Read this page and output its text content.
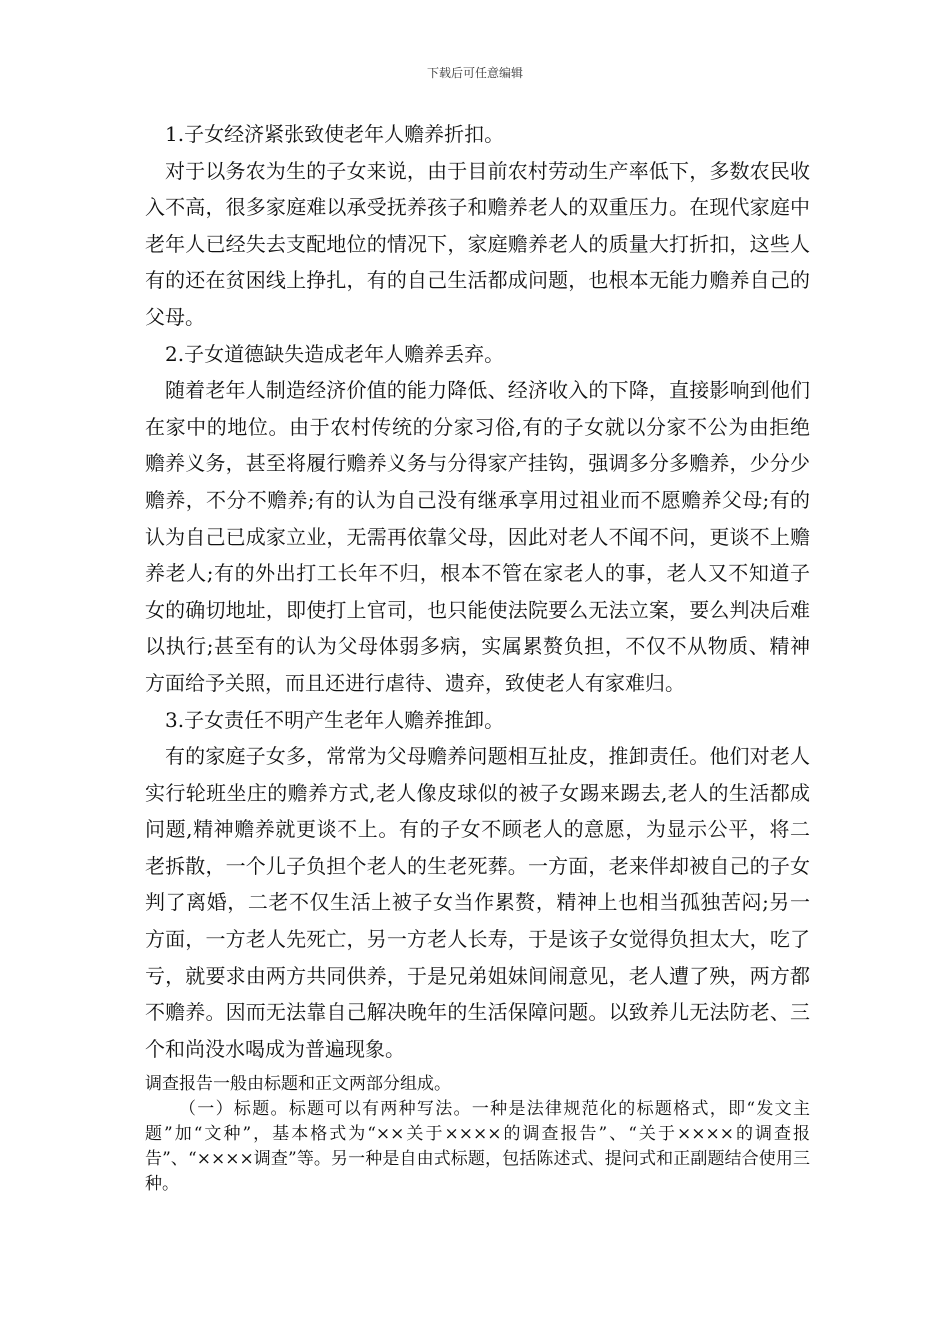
下载后可任意编辑

1.子女经济紧张致使老年人赡养折扣。

对于以务农为生的子女来说，由于目前农村劳动生产率低下，多数农民收入不高，很多家庭难以承受抚养孩子和赡养老人的双重压力。在现代家庭中老年人已经失去支配地位的情况下，家庭赡养老人的质量大打折扣，这些人有的还在贫困线上挣扎，有的自己生活都成问题，也根本无能力赡养自己的父母。

2.子女道德缺失造成老年人赡养丢弃。

随着老年人制造经济价值的能力降低、经济收入的下降，直接影响到他们在家中的地位。由于农村传统的分家习俗,有的子女就以分家不公为由拒绝赡养义务，甚至将履行赡养义务与分得家产挂钩，强调多分多赡养，少分少赡养，不分不赡养;有的认为自己没有继承享用过祖业而不愿赡养父母;有的认为自己已成家立业，无需再依靠父母，因此对老人不闻不问，更谈不上赡养老人;有的外出打工长年不归，根本不管在家老人的事，老人又不知道子女的确切地址，即使打上官司，也只能使法院要么无法立案，要么判决后难以执行;甚至有的认为父母体弱多病，实属累赘负担，不仅不从物质、精神方面给予关照，而且还进行虐待、遗弃，致使老人有家难归。

3.子女责任不明产生老年人赡养推卸。

有的家庭子女多，常常为父母赡养问题相互扯皮，推卸责任。他们对老人实行轮班坐庄的赡养方式,老人像皮球似的被子女踢来踢去,老人的生活都成问题,精神赡养就更谈不上。有的子女不顾老人的意愿，为显示公平，将二老拆散，一个儿子负担个老人的生老死葬。一方面，老来伴却被自己的子女判了离婚，二老不仅生活上被子女当作累赘，精神上也相当孤独苦闷;另一方面，一方老人先死亡，另一方老人长寿，于是该子女觉得负担太大，吃了亏，就要求由两方共同供养，于是兄弟姐妹间闹意见，老人遭了殃，两方都不赡养。因而无法靠自己解决晚年的生活保障问题。以致养儿无法防老、三个和尚没水喝成为普遍现象。

调查报告一般由标题和正文两部分组成。

（一）标题。标题可以有两种写法。一种是法律规范化的标题格式，即“发文主题”加“文种”，基本格式为“××关于××××的调查报告”、“关于××××的调查报告”、“××××调查”等。另一种是自由式标题，包括陈述式、提问式和正副题结合使用三种。
